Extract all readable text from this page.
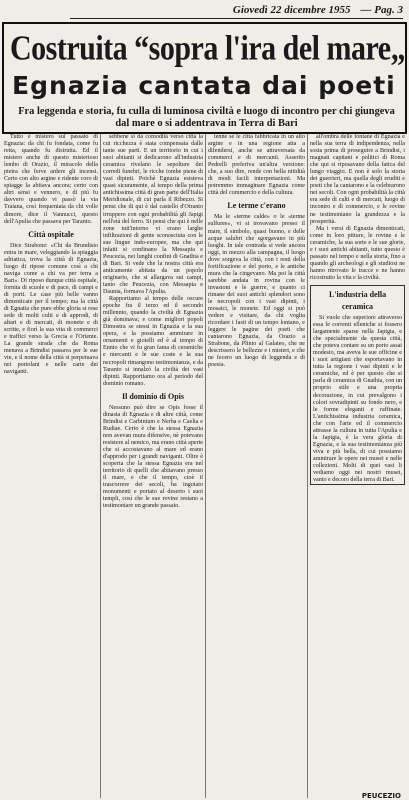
Giovedì 22 dicembre 1955 — Pag. 3
Costruita “sopra l'ira del mare„
Egnazia cantata dai poeti
Fra leggenda e storia, fu culla di luminosa civiltà e luogo di incontro per chi giungeva dal mare o si addentrava in Terra di Bari

Tutto è mistero sul passato di Egnazia: da chi fu fondata, come fu retta, quando fu distrutta. Ed il mistero anche di questo misterioso lembo di Orazio, il miracolo della pietra che ferve ardere gli incensi. Certo con alto argine e ridente coro di spiagge la abitava ancora; certo con altri sensi e vennero, e di più fu davvero quando vi passò la via Traiana, così frequentata da chi volle dimore, dice il Vannucci, questo dell'Apulia che passava per Taranto.

Città ospitale

Dice Strabone: «Chi da Brundisio entra in mare, veleggiando la spiaggia adriatica, trova la città di Egnazia, luogo di ripose comune così a chi naviga come a chi va per terra a Bari». Di riposo dunque città ospitale, fornita di scuole e di pace, di campi e di porti. Le case più belle vanno dimenticate per il tempo; ma la città di Egnatia che pure ebbe gloria si rese sede di molti culti e di approdi, di altari e di mercati, di monete e di scritte, e fiorì la sua vita di commerci e traffici verso la Grecia e l'Oriente. La grande strada che da Roma menava a Brindisi passava per le sue vie, e il nome della città si perpetuava nei portolani e nelle carte dei naviganti.

sebbene si dà comodità verso città la cui ricchezza è stata compensata dalle tante sue parti. E un territorio in cui i suoi abitanti si dedicarono all'industria ceramica rivelano le sepolture dei corredi funebri, le ricche tombe piene di vasi dipinti. Poichè Egnazia esisteva quasi sicuramente, al tempo della prima antichissima città di gran parte dell'Italia Meridionale, di cui parla il Ribezzo. Si pensi che di qui è dal castello d'Otranto irruppero con ogni probabilità gli Japigi nell'età del ferro. Si pensi che qui è nelle zone tutt'intorno vi erano larghe infiltrazioni di gente sconosciuta con le sue lingue indo-europee, ma che qui infatti si confinano la Messapia e Peucezia, nei lunghi confini di Gnathia e di Bari. Si vede che la nostra città era anticamente abitata da un popolo originario, che si allargava sui campi, tanto che Peucezia, con Messapia e Daunia, formava l'Apulia.

Rapportiamo al tempo delle oscure epoche fra il terzo ed il secondo millennio, quando la civiltà di Egnazia già dominava; e come migliori popoli Dimostra se stessi in Egnazia e la sua opera, e la possiamo ammirare in ornamenti e gioielli ed è al tempo di Ennio che vi fu gran fama di ceramiche e mercanti e le sue coste e la sua necropoli rimangono testimonianza, e da Taranto si innalzò la civiltà dei vasi dipinti. Rapportiamo ora al periodo del dominio romano.

Il dominio di Opis

Nessuno può dire se Opis fosse il dinasta di Egnazia e di altre città, come Brindisi e Carbinium e Nerba e Caelia e Rudiae. Certo è che la stessa Egnazia non avevan mura difensive, nè potevano resistere al nemico, ma erano città aperte che si accostavano al mare ed erano d'approdo per i grandi naviganti. Oltre è scoperta che la stessa Egnazia era nel territorio di quelli che abitavano presso il mare, e che il tempo, cioè il trascorrere dei secoli, ha ingoiato monumenti e portato al deserto i suoi templi, così che le sue rovine restano a testimoniare un grande passato.

tenne se le città fabbricata in un alto argine e in una regione atta a difendersi, anche se attraversata da commerci e di mercanti. Asserito Pedrelli preferiva un'altra versione: che, a suo dire, rende con bella nitidità di modi facili interpretazioni. Ma potremmo immaginare Egnazia come città del commercio e della cultura.

Le terme c'erano

Ma le «terme calde» o le «terme sulfuree», vi si trovavano presso il mare, il simbolo, quasi buono, e delle acque salubri che sgorgavano in più luoghi. In tale contrada si vede ancora oggi, in mezzo alla campagna, il luogo dove sorgeva la città, con i resti della fortificazione e del porto, e le antiche mura che la cingevano. Ma poi la città sarebbe andata in rovina con le invasioni e le guerre, e quanto ci rimane dei suoi antichi splendori sono le necropoli con i vasi dipinti, i mosaici, le monete. Ed oggi si può vedere e visitare, da chi voglia ricordare i fasti di un tempo lontano, e leggere le pagine dei poeti che cantarono Egnazia, da Orazio a Strabone, da Plinio al Galateo, che ne descrissero le bellezze e i misteri, e che ne fecero un luogo di leggenda e di poesia.

all'ombra delle fontane di Egnazia e nella sua terra di indipendenza, nella sosta prima di proseguire a Brindisi, i magnati capitani e politici di Roma che qui si riposavano della fatica del lungo viaggio. E non è solo la storia dei guerrieri, ma quella degli eruditi e poeti che la cantarono e la celebrarono nei secoli. Con ogni probabilità la città era sede di culti e di mercati, luogo di incontro e di commercio, e le rovine ne testimoniano la grandezza e la prosperità.

Ma i versi di Egnazia dimenticati, come in loro pitture, le rovine e le ceramiche, la sua sorte e le sue glorie, e i suoi antichi abitanti, tutto questo è passato nel tempo e nella storia, fino a quando gli archeologi e gli studiosi ne hanno ritrovato le tracce e ne hanno ricostruito la vita e la civiltà.

L'industria della ceramica

Si vuole che superiore attraverso essa le correnti elleniche si fossero largamente sparse nella Japigia, e che specialmente da questa città, che poteva contare su un porto assai modesto, ma aveva le sue officine e i suoi artigiani che esportavano in tutta la regione i vasi dipinti e le ceramiche, ed è per questo che si parla di ceramica di Gnathia, con un proprio stile e una propria decorazione, in cui prevalgono i colori sovradipinti su fondo nero, e le forme eleganti e raffinate. L'antichissima industria ceramica, che con l'arte ed il commercio attrasse la cultura in tutta l'Apulia e la Japigia, è la vera gloria di Egnazia, e la sua testimonianza più viva e più bella, di cui possiamo ammirare le opere nei musei e nelle collezioni. Molti di quei vasi li vediamo oggi nei nostri musei, vanto e decoro della terra di Bari.

PEUCEZIO
